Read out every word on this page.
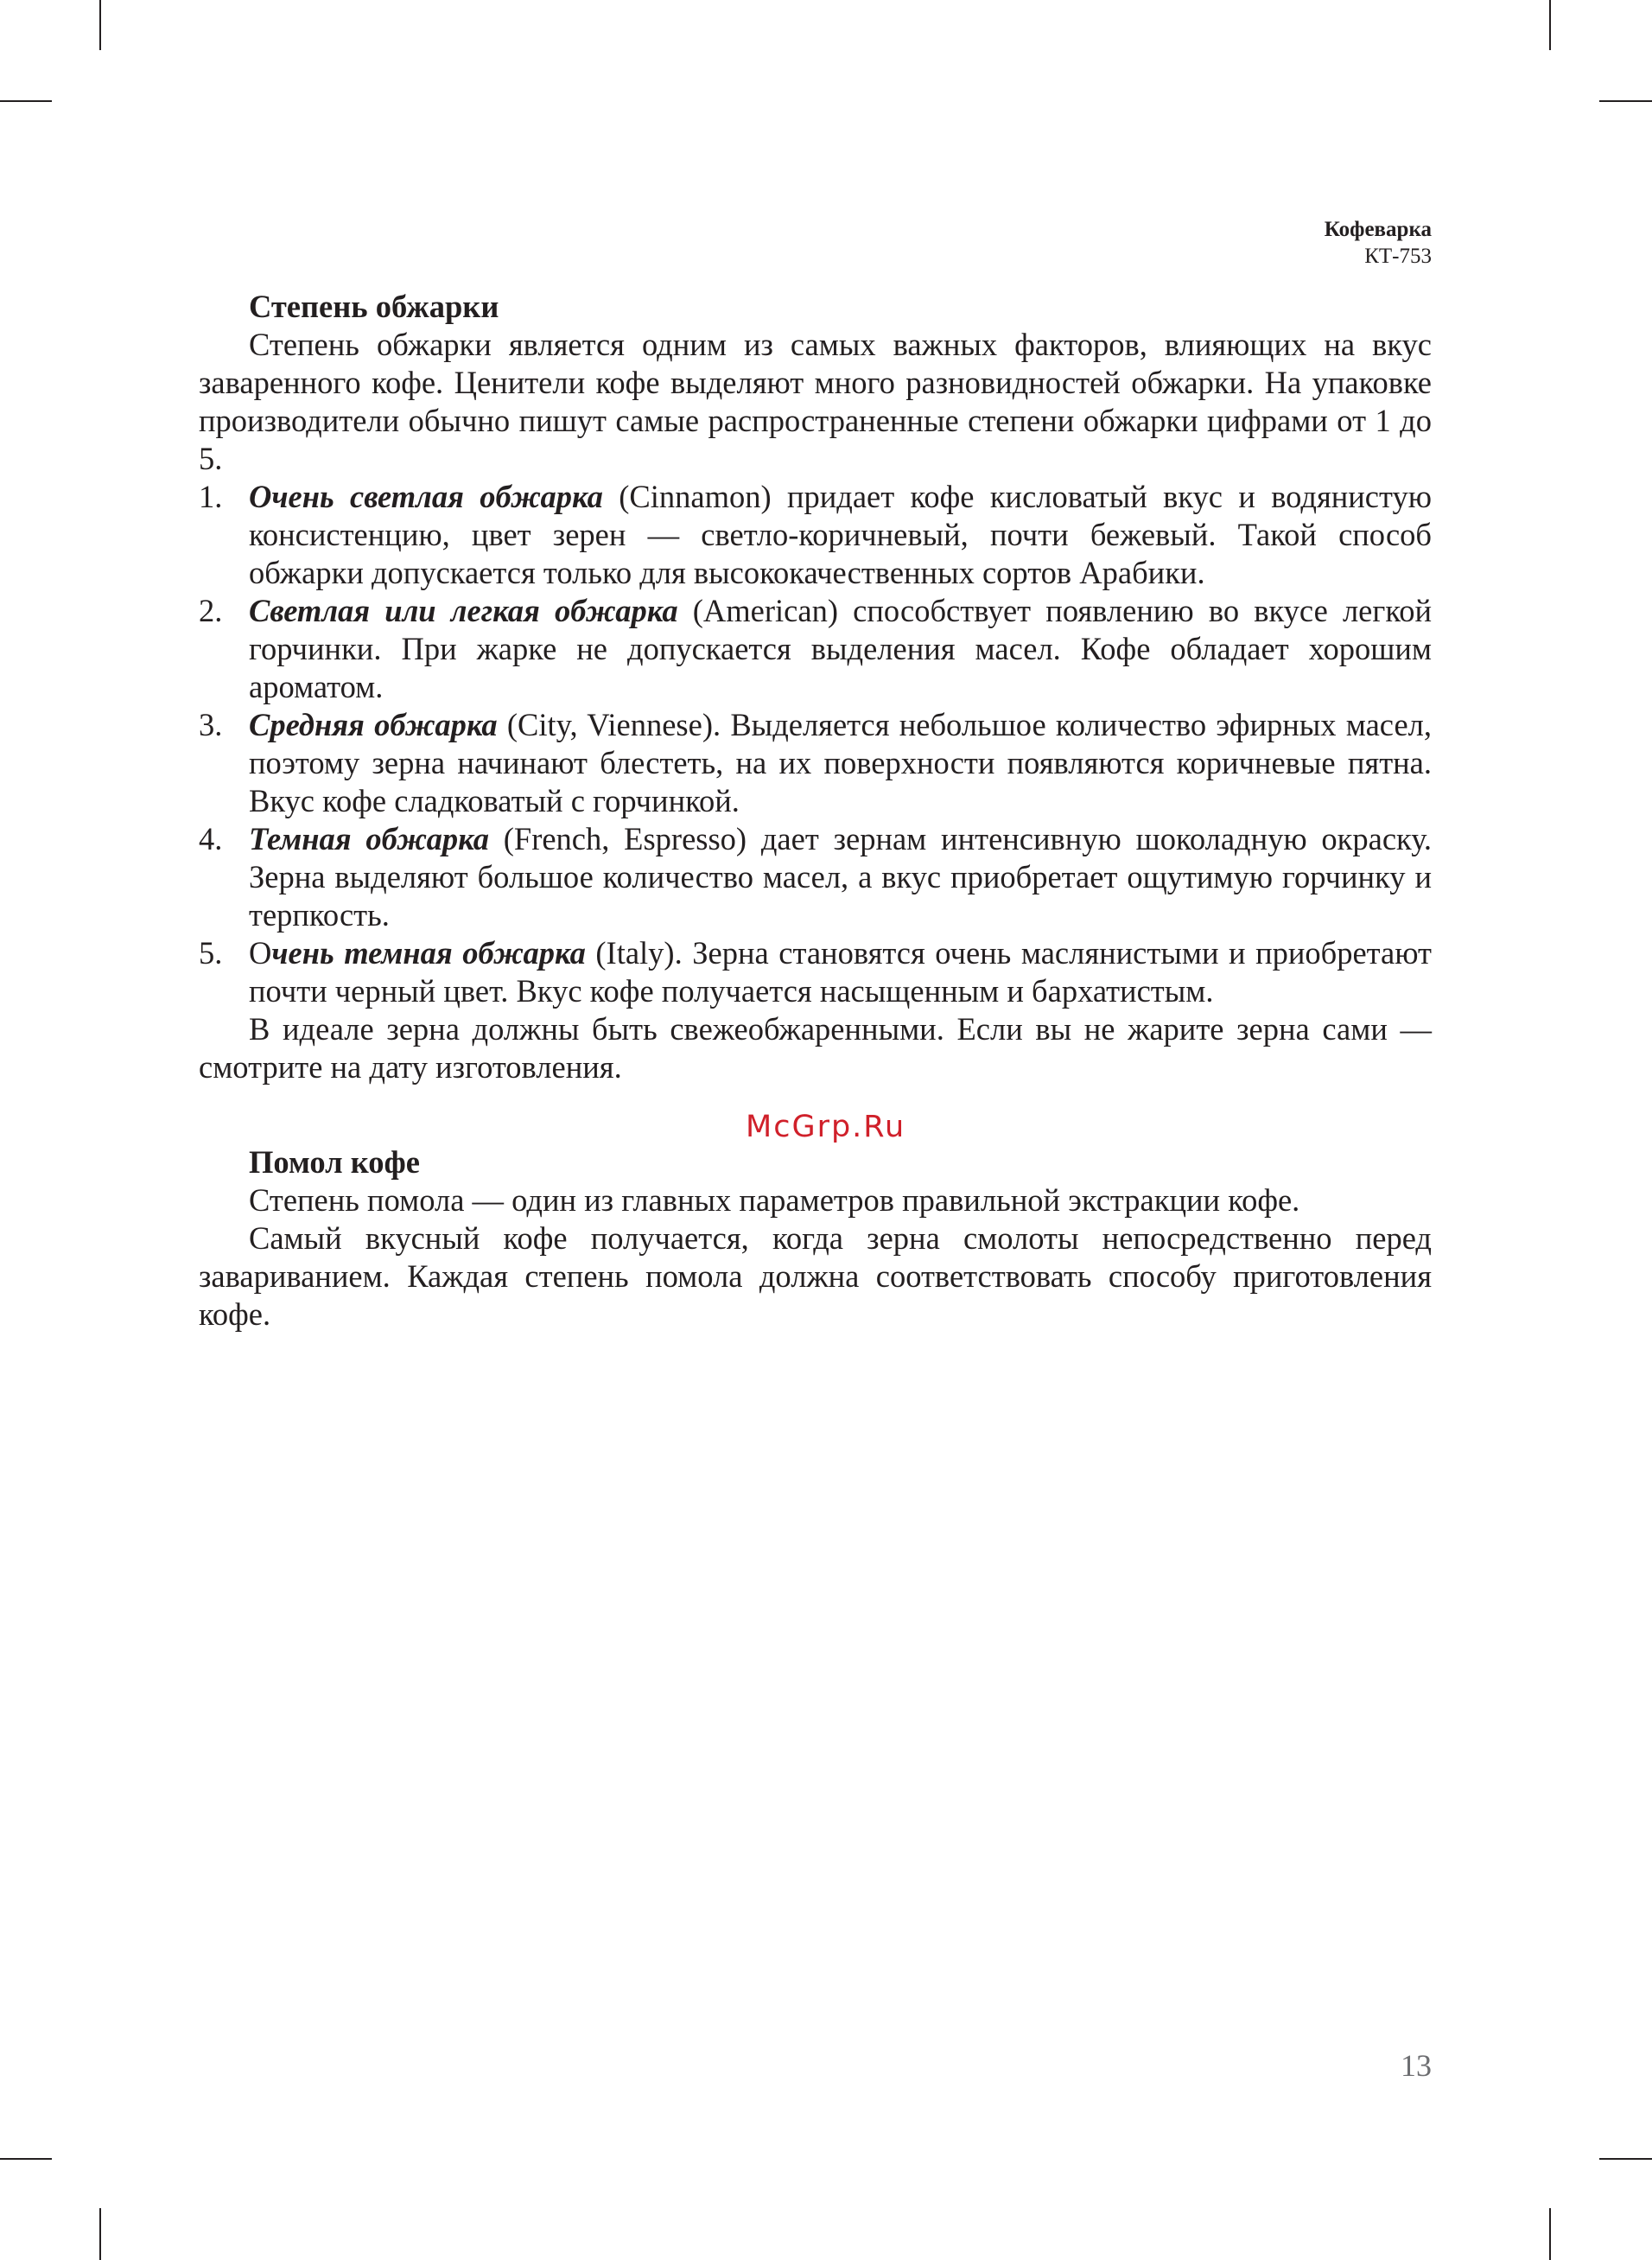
Кофеварка
КТ-753

Степень обжарки

Степень обжарки является одним из самых важных факторов, влияющих на вкус заваренного кофе. Ценители кофе выделяют много разновидностей обжарки. На упаковке производители обычно пишут самые распространенные степени обжарки цифрами от 1 до 5.

1. Очень светлая обжарка (Cinnamon) придает кофе кисловатый вкус и водянистую консистенцию, цвет зерен — светло-коричневый, почти бежевый. Такой способ обжарки допускается только для высококачественных сортов Арабики.
2. Светлая или легкая обжарка (American) способствует появлению во вкусе легкой горчинки. При жарке не допускается выделения масел. Кофе обладает хорошим ароматом.
3. Средняя обжарка (City, Viennese). Выделяется небольшое количество эфирных масел, поэтому зерна начинают блестеть, на их поверхности появляются коричневые пятна. Вкус кофе сладковатый с горчинкой.
4. Темная обжарка (French, Espresso) дает зернам интенсивную шоколадную окраску. Зерна выделяют большое количество масел, а вкус приобретает ощутимую горчинку и терпкость.
5. Очень темная обжарка (Italy). Зерна становятся очень маслянистыми и приобретают почти черный цвет. Вкус кофе получается насыщенным и бархатистым.

В идеале зерна должны быть свежеобжаренными. Если вы не жарите зерна сами — смотрите на дату изготовления.

Помол кофе

Степень помола — один из главных параметров правильной экстракции кофе.

Самый вкусный кофе получается, когда зерна смолоты непосредственно перед завариванием. Каждая степень помола должна соответствовать способу приготовления кофе.

McGrp.Ru
13
